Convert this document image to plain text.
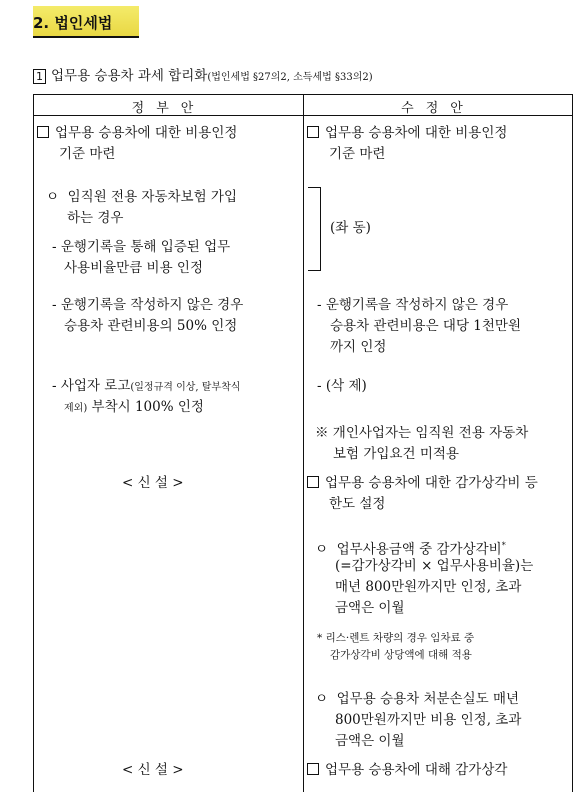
2. 법인세법
1 업무용 승용차 과세 합리화(법인세법 §27의2, 소득세법 §33의2)
정부안	수정안
업무용 승용차에 대한 비용인정
기준 마련
ㅇ  임직원 전용 자동차보험 가입
하는 경우
- 운행기록을 통해 입증된 업무
사용비율만큼 비용 인정
- 운행기록을 작성하지 않은 경우
승용차 관련비용의 50% 인정
- 사업자 로고(일정규격 이상, 탈부착식
제외) 부착시 100% 인정
< 신 설 >
< 신 설 >
업무용 승용차에 대한 비용인정
기준 마련
(좌 동)
- 운행기록을 작성하지 않은 경우
승용차 관련비용은 대당 1천만원
까지 인정
- (삭 제)
※ 개인사업자는 임직원 전용 자동차
보험 가입요건 미적용
업무용 승용차에 대한 감가상각비 등
한도 설정
ㅇ  업무사용금액 중 감가상각비*
(=감가상각비 × 업무사용비율)는
매년 800만원까지만 인정, 초과
금액은 이월
* 리스·렌트 차량의 경우 임차료 중
감가상각비 상당액에 대해 적용
ㅇ  업무용 승용차 처분손실도 매년
800만원까지만 비용 인정, 초과
금액은 이월
업무용 승용차에 대해 감가상각
